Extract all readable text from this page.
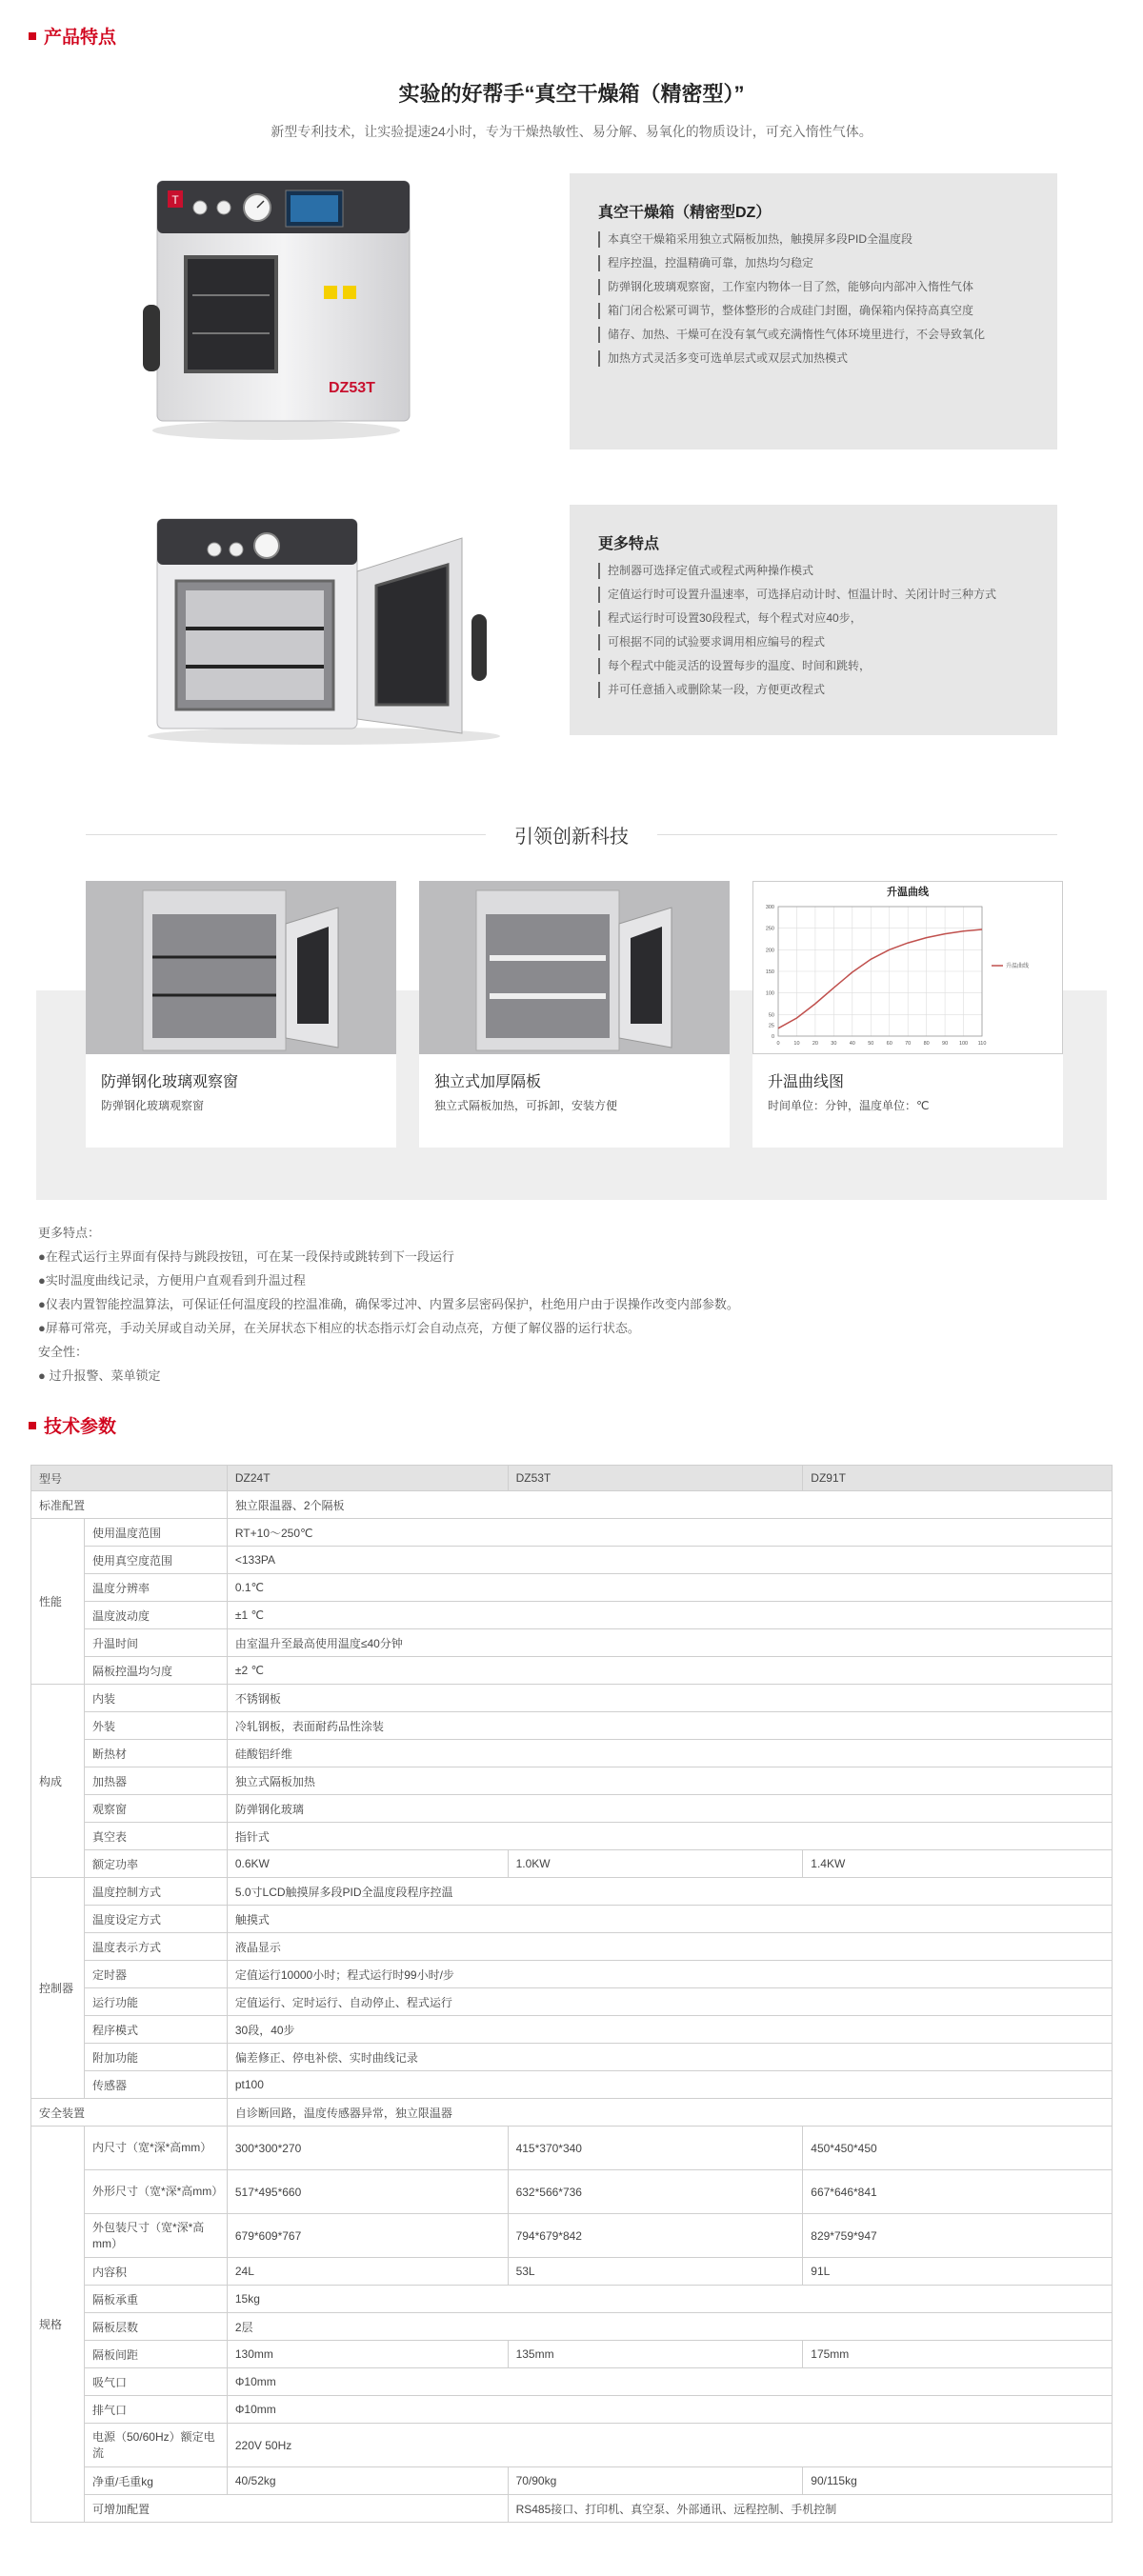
产品特点
实验的好帮手“真空干燥箱（精密型）”
新型专利技术，让实验提速24小时，专为干燥热敏性、易分解、易氧化的物质设计，可充入惰性气体。
T
DZ53T
真空干燥箱（精密型DZ）
本真空干燥箱采用独立式隔板加热，触摸屏多段PID全温度段
程序控温，控温精确可靠，加热均匀稳定
防弹钢化玻璃观察窗，工作室内物体一目了然，能够向内部冲入惰性气体
箱门闭合松紧可调节，整体整形的合成硅门封圈，确保箱内保持高真空度
储存、加热、干燥可在没有氧气或充满惰性气体环境里进行，不会导致氧化
加热方式灵活多变可选单层式或双层式加热模式
更多特点
控制器可选择定值式或程式两种操作模式
定值运行时可设置升温速率，可选择启动计时、恒温计时、关闭计时三种方式
程式运行时可设置30段程式，每个程式对应40步，
可根据不同的试验要求调用相应编号的程式
每个程式中能灵活的设置每步的温度、时间和跳转，
并可任意插入或删除某一段，方便更改程式
引领创新科技
防弹钢化玻璃观察窗
防弹钢化玻璃观察窗
独立式加厚隔板
独立式隔板加热，可拆卸，安装方便
升温曲线
0	10 20 30 40 50 60 70 80 90 100 110
0
25
50
100
150
200
250
300
升温曲线
升温曲线图
时间单位：分钟，温度单位：℃
更多特点：
●在程式运行主界面有保持与跳段按钮，可在某一段保持或跳转到下一段运行
●实时温度曲线记录，方便用户直观看到升温过程
●仪表内置智能控温算法，可保证任何温度段的控温准确，确保零过冲、内置多层密码保护，杜绝用户由于误操作改变内部参数。
●屏幕可常亮，手动关屏或自动关屏，在关屏状态下相应的状态指示灯会自动点亮，方便了解仪器的运行状态。
安全性：
● 过升报警、菜单锁定
技术参数
型号		DZ24T	DZ53T	DZ91T
标准配置		独立限温器、2个隔板		
性能	使用温度范围	RT+10～250℃		
	使用真空度范围	<133PA		
	温度分辨率	0.1℃		
	温度波动度	±1 ℃		
	升温时间	由室温升至最高使用温度≤40分钟		
	隔板控温均匀度	±2 ℃		
构成	内装	不锈钢板		
	外装	冷轧钢板，表面耐药品性涂装		
	断热材	硅酸铝纤维		
	加热器	独立式隔板加热		
	观察窗	防弹钢化玻璃		
	真空表	指针式		
	额定功率	0.6KW	1.0KW	1.4KW
控制器	温度控制方式	5.0寸LCD触摸屏多段PID全温度段程序控温		
	温度设定方式	触摸式		
	温度表示方式	液晶显示		
	定时器	定值运行10000小时；程式运行时99小时/步		
	运行功能	定值运行、定时运行、自动停止、程式运行		
	程序模式	30段，40步		
	附加功能	偏差修正、停电补偿、实时曲线记录		
	传感器	pt100		
安全装置		自诊断回路，温度传感器异常，独立限温器		
规格	内尺寸（宽*深*高mm）	300*300*270	415*370*340	450*450*450
	外形尺寸（宽*深*高mm）	517*495*660	632*566*736	667*646*841
	外包装尺寸（宽*深*高mm）	679*609*767	794*679*842	829*759*947
	内容积	24L	53L	91L
	隔板承重	15kg		
	隔板层数	2层		
	隔板间距	130mm	135mm	175mm
	吸气口	Φ10mm		
	排气口	Φ10mm		
	电源（50/60Hz）额定电流	220V 50Hz		
	净重/毛重kg	40/52kg	70/90kg	90/115kg
	可增加配置		RS485接口、打印机、真空泵、外部通讯、远程控制、手机控制	
